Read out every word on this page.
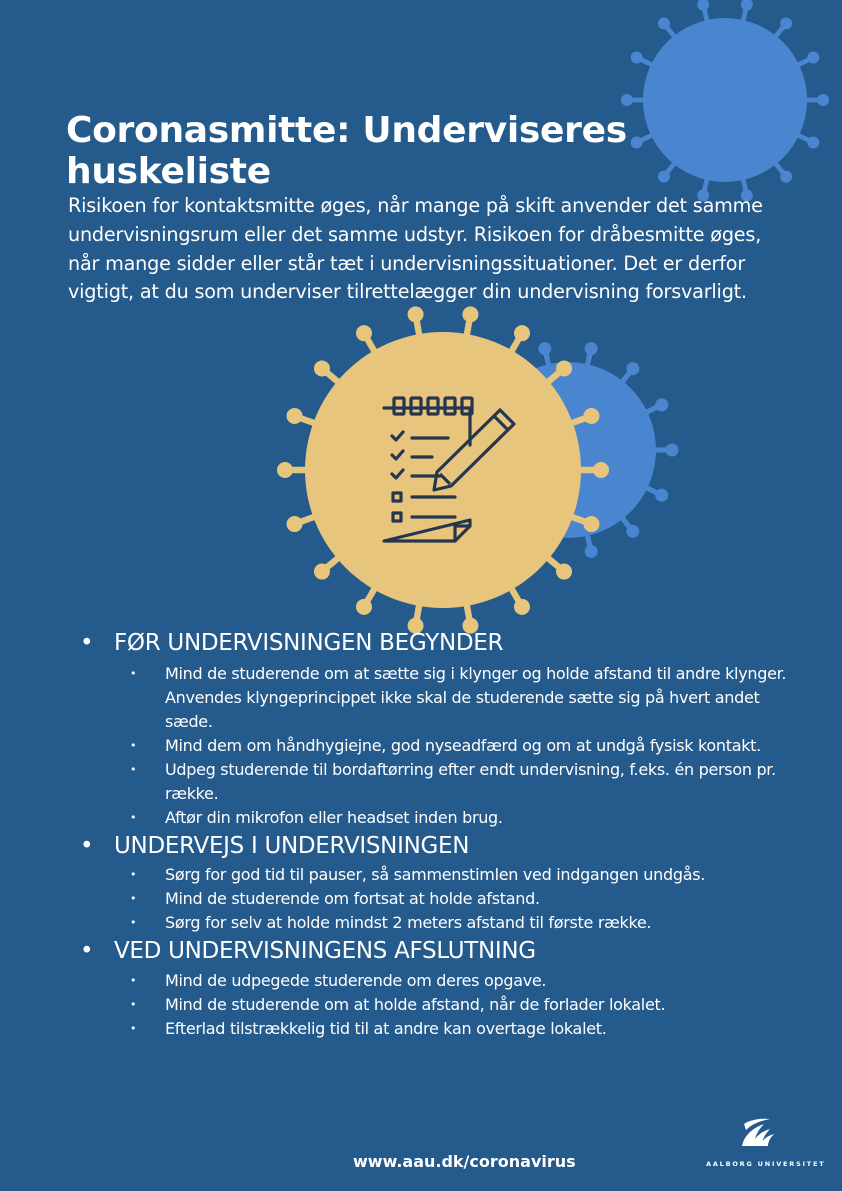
Coronasmitte: Underviseres huskeliste

Risikoen for kontaktsmitte øges, når mange på skift anvender det samme undervisningsrum eller det samme udstyr. Risikoen for dråbesmitte øges, når mange sidder eller står tæt i undervisningssituationer. Det er derfor vigtigt, at du som underviser tilrettelægger din undervisning forsvarligt.

• FØR UNDERVISNINGEN BEGYNDER
• Mind de studerende om at sætte sig i klynger og holde afstand til andre klynger. Anvendes klyngeprincippet ikke skal de studerende sætte sig på hvert andet sæde.
• Mind dem om håndhygiejne, god nyseadfærd og om at undgå fysisk kontakt.
• Udpeg studerende til bordaftørring efter endt undervisning, f.eks. én person pr. række.
• Aftør din mikrofon eller headset inden brug.
• UNDERVEJS I UNDERVISNINGEN
• Sørg for god tid til pauser, så sammenstimlen ved indgangen undgås.
• Mind de studerende om fortsat at holde afstand.
• Sørg for selv at holde mindst 2 meters afstand til første række.
• VED UNDERVISNINGENS AFSLUTNING
• Mind de udpegede studerende om deres opgave.
• Mind de studerende om at holde afstand, når de forlader lokalet.
• Efterlad tilstrækkelig tid til at andre kan overtage lokalet.
www.aau.dk/coronavirus	AALBORG UNIVERSITET
